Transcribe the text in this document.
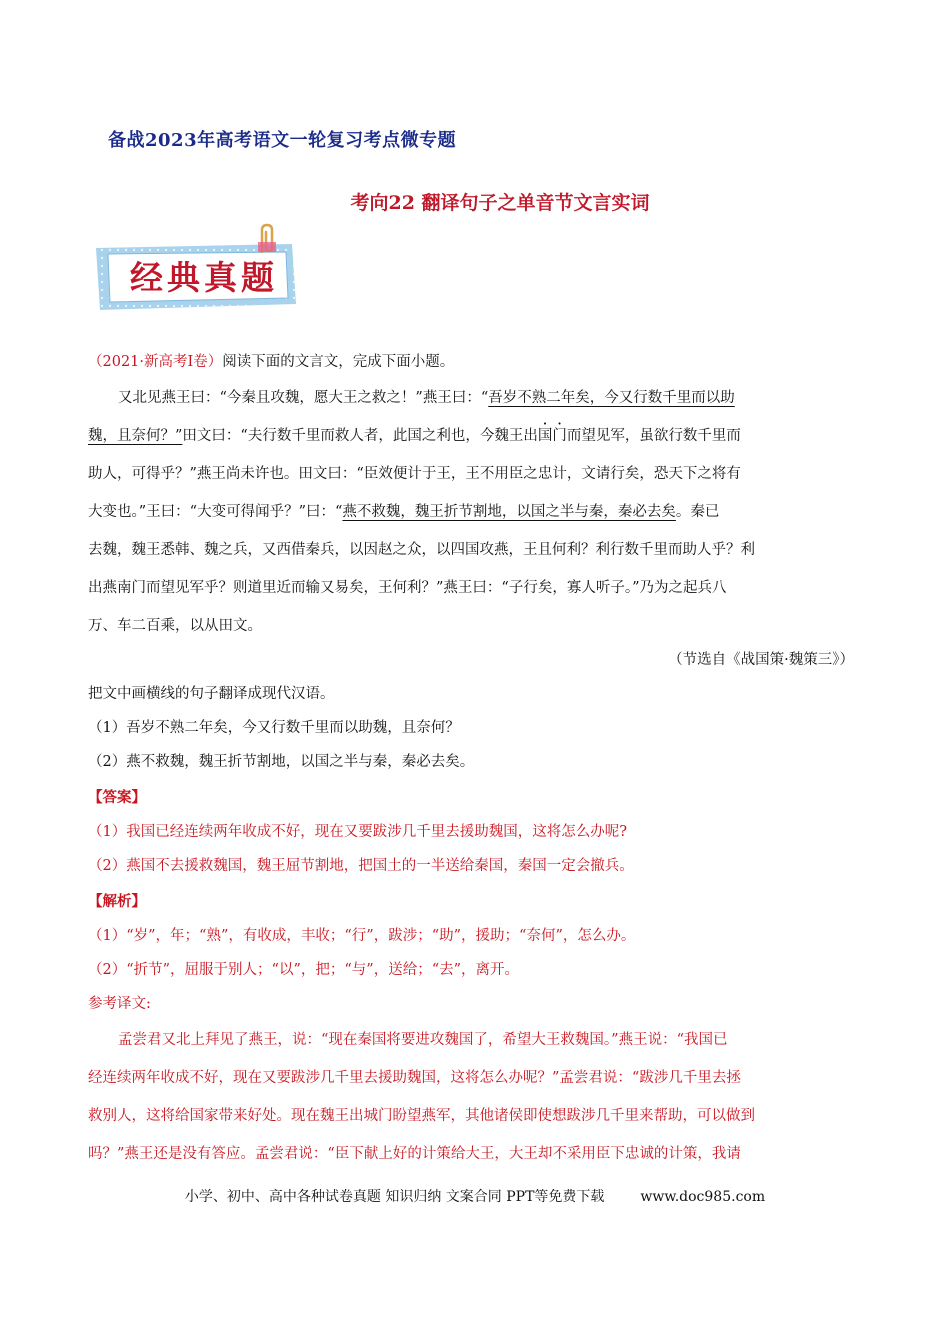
备战2023年高考语文一轮复习考点微专题
考向22 翻译句子之单音节文言实词
经典真题
（2021·新高考Ⅰ卷）阅读下面的文言文，完成下面小题。
又北见燕王曰：“今秦且攻魏，愿大王之救之！”燕王曰：“吾岁不熟二年矣，今又行数千里而以助
魏，且奈何？”田文曰：“夫行数千里而救人者，此国之利也，今魏王出国门而望见军，虽欲行数千里而
助人，可得乎？”燕王尚未许也。田文曰：“臣效便计于王，王不用臣之忠计，文请行矣，恐天下之将有
大变也。”王曰：“大变可得闻乎？”曰：“燕不救魏，魏王折节割地，以国之半与秦，秦必去矣。秦已
去魏，魏王悉韩、魏之兵，又西借秦兵，以因赵之众，以四国攻燕，王且何利？利行数千里而助人乎？利
出燕南门而望见军乎？则道里近而输又易矣，王何利？”燕王曰：“子行矣，寡人听子。”乃为之起兵八
万、车二百乘，以从田文。
（节选自《战国策·魏策三》）
把文中画横线的句子翻译成现代汉语。
（1）吾岁不熟二年矣，今又行数千里而以助魏，且奈何？
（2）燕不救魏，魏王折节割地，以国之半与秦，秦必去矣。
【答案】
（1）我国已经连续两年收成不好，现在又要跋涉几千里去援助魏国，这将怎么办呢?
（2）燕国不去援救魏国，魏王屈节割地，把国土的一半送给秦国，秦国一定会撤兵。
【解析】
（1）“岁”，年；“熟”，有收成，丰收；“行”，跋涉；“助”，援助；“奈何”，怎么办。
（2）“折节”，屈服于别人；“以”，把；“与”，送给；“去”，离开。
参考译文:
孟尝君又北上拜见了燕王，说：“现在秦国将要进攻魏国了，希望大王救魏国。”燕王说：“我国已
经连续两年收成不好，现在又要跋涉几千里去援助魏国，这将怎么办呢？”孟尝君说：“跋涉几千里去拯
救别人，这将给国家带来好处。现在魏王出城门盼望燕军，其他诸侯即使想跋涉几千里来帮助，可以做到
吗？”燕王还是没有答应。孟尝君说：“臣下献上好的计策给大王，大王却不采用臣下忠诚的计策，我请
小学、初中、高中各种试卷真题 知识归纳 文案合同 PPT等免费下载	www.doc985.com
